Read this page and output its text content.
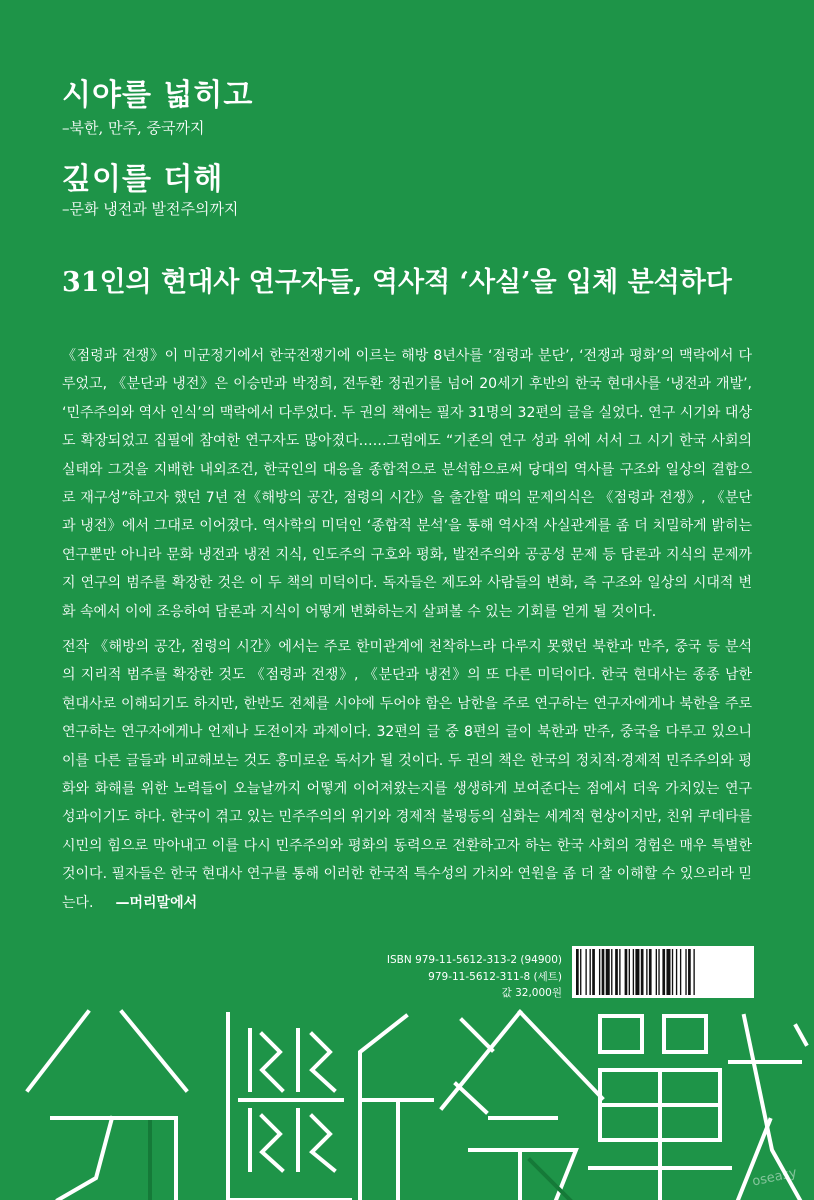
시야를 넓히고

–북한, 만주, 중국까지

깊이를 더해

–문화 냉전과 발전주의까지

31인의 현대사 연구자들, 역사적 ‘사실’을 입체 분석하다

《점령과 전쟁》이 미군정기에서 한국전쟁기에 이르는 해방 8년사를 ‘점령과 분단’, ‘전쟁과 평화’의 맥락에서 다루었고, 《분단과 냉전》은 이승만과 박정희, 전두환 정권기를 넘어 20세기 후반의 한국 현대사를 ‘냉전과 개발’, ‘민주주의와 역사 인식’의 맥락에서 다루었다. 두 권의 책에는 필자 31명의 32편의 글을 실었다. 연구 시기와 대상도 확장되었고 집필에 참여한 연구자도 많아졌다……그럼에도 “기존의 연구 성과 위에 서서 그 시기 한국 사회의 실태와 그것을 지배한 내외조건, 한국인의 대응을 종합적으로 분석함으로써 당대의 역사를 구조와 일상의 결합으로 재구성”하고자 했던 7년 전《해방의 공간, 점령의 시간》을 출간할 때의 문제의식은 《점령과 전쟁》, 《분단과 냉전》에서 그대로 이어졌다. 역사학의 미덕인 ‘종합적 분석’을 통해 역사적 사실관계를 좀 더 치밀하게 밝히는 연구뿐만 아니라 문화 냉전과 냉전 지식, 인도주의 구호와 평화, 발전주의와 공공성 문제 등 담론과 지식의 문제까지 연구의 범주를 확장한 것은 이 두 책의 미덕이다. 독자들은 제도와 사람들의 변화, 즉 구조와 일상의 시대적 변화 속에서 이에 조응하여 담론과 지식이 어떻게 변화하는지 살펴볼 수 있는 기회를 얻게 될 것이다.

전작 《해방의 공간, 점령의 시간》에서는 주로 한미관계에 천착하느라 다루지 못했던 북한과 만주, 중국 등 분석의 지리적 범주를 확장한 것도 《점령과 전쟁》, 《분단과 냉전》의 또 다른 미덕이다. 한국 현대사는 종종 남한 현대사로 이해되기도 하지만, 한반도 전체를 시야에 두어야 함은 남한을 주로 연구하는 연구자에게나 북한을 주로 연구하는 연구자에게나 언제나 도전이자 과제이다. 32편의 글 중 8편의 글이 북한과 만주, 중국을 다루고 있으니 이를 다른 글들과 비교해보는 것도 흥미로운 독서가 될 것이다. 두 권의 책은 한국의 정치적·경제적 민주주의와 평화와 화해를 위한 노력들이 오늘날까지 어떻게 이어져왔는지를 생생하게 보여준다는 점에서 더욱 가치있는 연구 성과이기도 하다. 한국이 겪고 있는 민주주의의 위기와 경제적 불평등의 심화는 세계적 현상이지만, 친위 쿠데타를 시민의 힘으로 막아내고 이를 다시 민주주의와 평화의 동력으로 전환하고자 하는 한국 사회의 경험은 매우 특별한 것이다. 필자들은 한국 현대사 연구를 통해 이러한 한국적 특수성의 가치와 연원을 좀 더 잘 이해할 수 있으리라 믿는다. —머리말에서

ISBN 979-11-5612-313-2 (94900)
979-11-5612-311-8 (세트)
값 32,000원
oseasy
